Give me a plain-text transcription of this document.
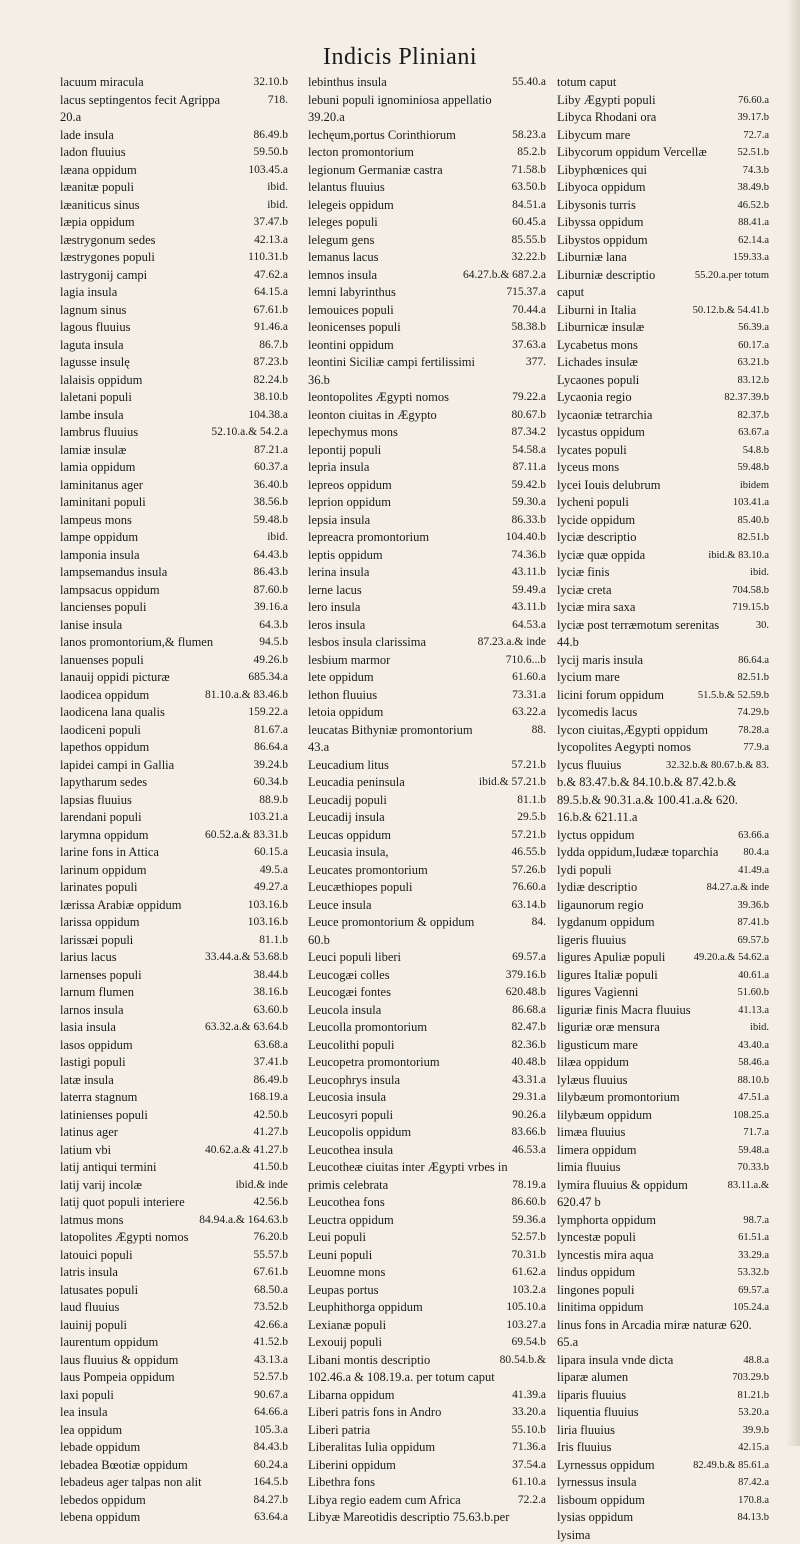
Indicis Pliniani
lacuum miracula	32.10.b
lacus septingentos fecit Agrippa	718.
20.a
lade insula	86.49.b
ladon fluuius	59.50.b
læana oppidum	103.45.a
læanitæ populi	ibid.
læaniticus sinus	ibid.
læpia oppidum	37.47.b
læstrygonum sedes	42.13.a
læstrygones populi	110.31.b
lastrygonij campi	47.62.a
lagia insula	64.15.a
lagnum sinus	67.61.b
lagous fluuius	91.46.a
laguta insula	86.7.b
lagusse insulę	87.23.b
lalaisis oppidum	82.24.b
laletani populi	38.10.b
lambe insula	104.38.a
lambrus fluuius	52.10.a.& 54.2.a
lamiæ insulæ	87.21.a
lamia oppidum	60.37.a
laminitanus ager	36.40.b
laminitani populi	38.56.b
lampeus mons	59.48.b
lampe oppidum	ibid.
lamponia insula	64.43.b
lampsemandus insula	86.43.b
lampsacus oppidum	87.60.b
lancienses populi	39.16.a
lanise insula	64.3.b
lanos promontorium,& flumen	94.5.b
lanuenses populi	49.26.b
lanauij oppidi picturæ	685.34.a
laodicea oppidum	81.10.a.& 83.46.b
laodicena lana qualis	159.22.a
laodiceni populi	81.67.a
lapethos oppidum	86.64.a
lapidei campi in Gallia	39.24.b
lapytharum sedes	60.34.b
lapsias fluuius	88.9.b
larendani populi	103.21.a
larymna oppidum	60.52.a.& 83.31.b
larine fons in Attica	60.15.a
larinum oppidum	49.5.a
larinates populi	49.27.a
lærissa Arabiæ oppidum	103.16.b
larissa oppidum	103.16.b
larissæi populi	81.1.b
larius lacus	33.44.a.& 53.68.b
larnenses populi	38.44.b
larnum flumen	38.16.b
larnos insula	63.60.b
lasia insula	63.32.a.& 63.64.b
lasos oppidum	63.68.a
lastigi populi	37.41.b
latæ insula	86.49.b
laterra stagnum	168.19.a
latinienses populi	42.50.b
latinus ager	41.27.b
latium vbi	40.62.a.& 41.27.b
latij antiqui termini	41.50.b
latij varij incolæ	ibid.& inde
latij quot populi interiere	42.56.b
latmus mons	84.94.a.& 164.63.b
latopolites Ægypti nomos	76.20.b
latouici populi	55.57.b
latris insula	67.61.b
latusates populi	68.50.a
laud fluuius	73.52.b
lauinij populi	42.66.a
laurentum oppidum	41.52.b
laus fluuius & oppidum	43.13.a
laus Pompeia oppidum	52.57.b
laxi populi	90.67.a
lea insula	64.66.a
lea oppidum	105.3.a
lebade oppidum	84.43.b
lebadea Bœotiæ oppidum	60.24.a
lebadeus ager talpas non alit	164.5.b
lebedos oppidum	84.27.b
lebena oppidum	63.64.a
lebinthus insula	55.40.a
lebuni populi ignominiosa appellatio
39.20.a
lechęum,portus Corinthiorum	58.23.a
lecton promontorium	85.2.b
legionum Germaniæ castra	71.58.b
lelantus fluuius	63.50.b
lelegeis oppidum	84.51.a
leleges populi	60.45.a
lelegum gens	85.55.b
lemanus lacus	32.22.b
lemnos insula	64.27.b.& 687.2.a
lemni labyrinthus	715.37.a
lemouices populi	70.44.a
leonicenses populi	58.38.b
leontini oppidum	37.63.a
leontini Siciliæ campi fertilissimi	377.
36.b
leontopolites Ægypti nomos	79.22.a
leonton ciuitas in Ægypto	80.67.b
lepechymus mons	87.34.2
lepontij populi	54.58.a
lepria insula	87.11.a
lepreos oppidum	59.42.b
leprion oppidum	59.30.a
lepsia insula	86.33.b
lepreacra promontorium	104.40.b
leptis oppidum	74.36.b
lerina insula	43.11.b
lerne lacus	59.49.a
lero insula	43.11.b
leros insula	64.53.a
lesbos insula clarissima	87.23.a.& inde
lesbium marmor	710.6...b
lete oppidum	61.60.a
lethon fluuius	73.31.a
letoia oppidum	63.22.a
leucatas Bithyniæ promontorium	88.
43.a
Leucadium litus	57.21.b
Leucadia peninsula	ibid.& 57.21.b
Leucadij populi	81.1.b
Leucadij insula	29.5.b
Leucas oppidum	57.21.b
Leucasia insula,	46.55.b
Leucates promontorium	57.26.b
Leucæthiopes populi	76.60.a
Leuce insula	63.14.b
Leuce promontorium & oppidum	84.
60.b
Leuci populi liberi	69.57.a
Leucogæi colles	379.16.b
Leucogæi fontes	620.48.b
Leucola insula	86.68.a
Leucolla promontorium	82.47.b
Leucolithi populi	82.36.b
Leucopetra promontorium	40.48.b
Leucophrys insula	43.31.a
Leucosia insula	29.31.a
Leucosyri populi	90.26.a
Leucopolis oppidum	83.66.b
Leucothea insula	46.53.a
Leucotheæ ciuitas inter Ægypti vrbes in
primis celebrata	78.19.a
Leucothea fons	86.60.b
Leuctra oppidum	59.36.a
Leui populi	52.57.b
Leuni populi	70.31.b
Leuomne mons	61.62.a
Leupas portus	103.2.a
Leuphithorga oppidum	105.10.a
Lexianæ populi	103.27.a
Lexouij populi	69.54.b
Libani montis descriptio	80.54.b.&
102.46.a & 108.19.a. per totum caput
Libarna oppidum	41.39.a
Liberi patris fons in Andro	33.20.a
Liberi patria	55.10.b
Liberalitas Iulia oppidum	71.36.a
Liberini oppidum	37.54.a
Libethra fons	61.10.a
Libya regio eadem cum Africa	72.2.a
Libyæ Mareotidis descriptio 75.63.b.per
totum caput
Liby Ægypti populi	76.60.a
Libyca Rhodani ora	39.17.b
Libycum mare	72.7.a
Libycorum oppidum Vercellæ	52.51.b
Libyphœnices qui	74.3.b
Libyoca oppidum	38.49.b
Libysonis turris	46.52.b
Libyssa oppidum	88.41.a
Libystos oppidum	62.14.a
Liburniæ lana	159.33.a
Liburniæ descriptio	55.20.a.per totum
caput
Liburni in Italia	50.12.b.& 54.41.b
Liburnicæ insulæ	56.39.a
Lycabetus mons	60.17.a
Lichades insulæ	63.21.b
Lycaones populi	83.12.b
Lycaonia regio	82.37.39.b
lycaoniæ tetrarchia	82.37.b
lycastus oppidum	63.67.a
lycates populi	54.8.b
lyceus mons	59.48.b
lycei Iouis delubrum	ibidem
lycheni populi	103.41.a
lycide oppidum	85.40.b
lyciæ descriptio	82.51.b
lyciæ quæ oppida	ibid.& 83.10.a
lyciæ finis	ibid.
lyciæ creta	704.58.b
lyciæ mira saxa	719.15.b
lyciæ post terræmotum serenitas	30.
44.b
lycij maris insula	86.64.a
lycium mare	82.51.b
licini forum oppidum	51.5.b.& 52.59.b
lycomedis lacus	74.29.b
lycon ciuitas,Ægypti oppidum	78.28.a
lycopolites Aegypti nomos	77.9.a
lycus fluuius	32.32.b.& 80.67.b.& 83.
b.& 83.47.b.& 84.10.b.& 87.42.b.&
89.5.b.& 90.31.a.& 100.41.a.& 620.
16.b.& 621.11.a
lyctus oppidum	63.66.a
lydda oppidum,Iudææ toparchia	80.4.a
lydi populi	41.49.a
lydiæ descriptio	84.27.a.& inde
ligaunorum regio	39.36.b
lygdanum oppidum	87.41.b
ligeris fluuius	69.57.b
ligures Apuliæ populi	49.20.a.& 54.62.a
ligures Italiæ populi	40.61.a
ligures Vagienni	51.60.b
liguriæ finis Macra fluuius	41.13.a
liguriæ oræ mensura	ibid.
ligusticum mare	43.40.a
lilæa oppidum	58.46.a
lylæus fluuius	88.10.b
lilybæum promontorium	47.51.a
lilybæum oppidum	108.25.a
limæa fluuius	71.7.a
limera oppidum	59.48.a
limia fluuius	70.33.b
lymira fluuius & oppidum	83.11.a.&
620.47 b
lymphorta oppidum	98.7.a
lyncestæ populi	61.51.a
lyncestis mira aqua	33.29.a
lindus oppidum	53.32.b
lingones populi	69.57.a
linitima oppidum	105.24.a
linus fons in Arcadia miræ naturæ 620.
65.a
lipara insula vnde dicta	48.8.a
liparæ alumen	703.29.b
liparis fluuius	81.21.b
liquentia fluuius	53.20.a
liria fluuius	39.9.b
Iris fluuius	42.15.a
Lyrnessus oppidum	82.49.b.& 85.61.a
lyrnessus insula	87.42.a
lisboum oppidum	170.8.a
lysias oppidum	84.13.b
lysima
